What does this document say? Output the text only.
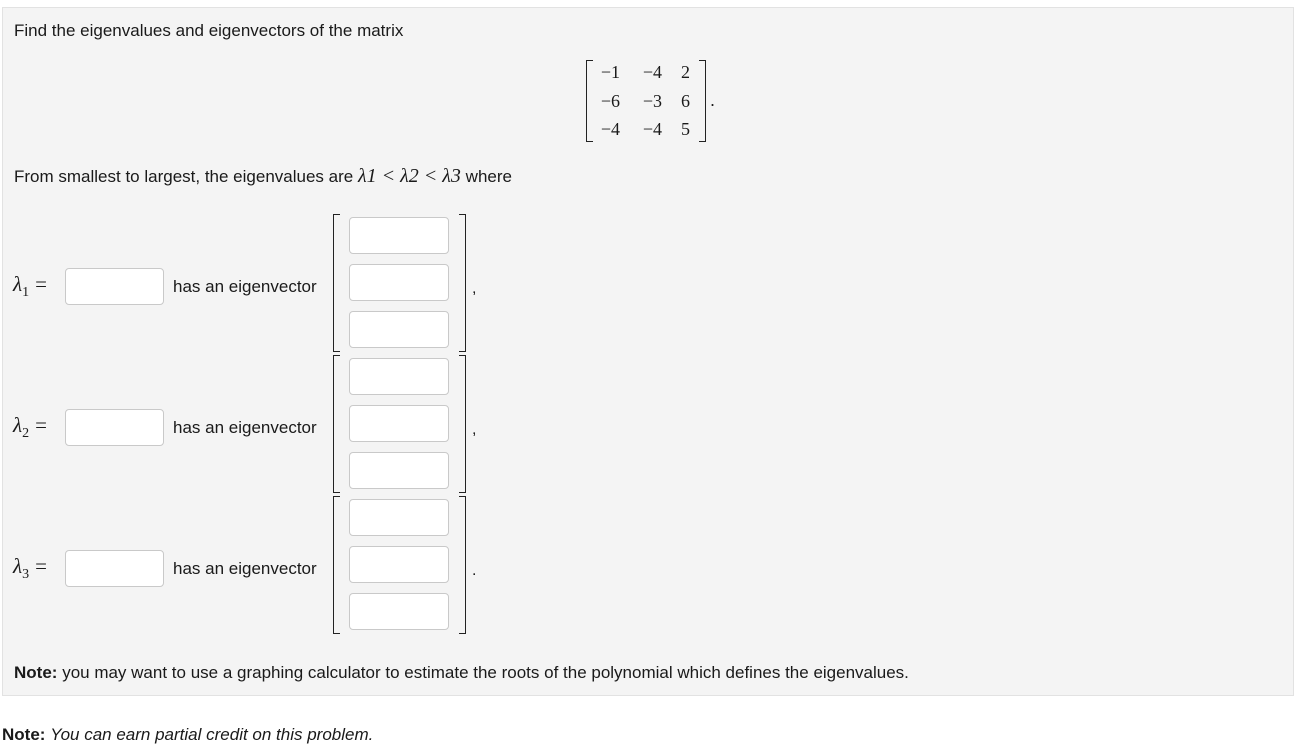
Find the eigenvalues and eigenvectors of the matrix
−1	−4	2
−6	−3	6
−4	−4	5
.
From smallest to largest, the eigenvalues are λ1 < λ2 < λ3 where
$\lambda_1$ =	has an eigenvector	,
$\lambda_2$ =	has an eigenvector	,
$\lambda_3$ =	has an eigenvector	.
Note: you may want to use a graphing calculator to estimate the roots of the polynomial which defines the eigenvalues.
Note: You can earn partial credit on this problem.
